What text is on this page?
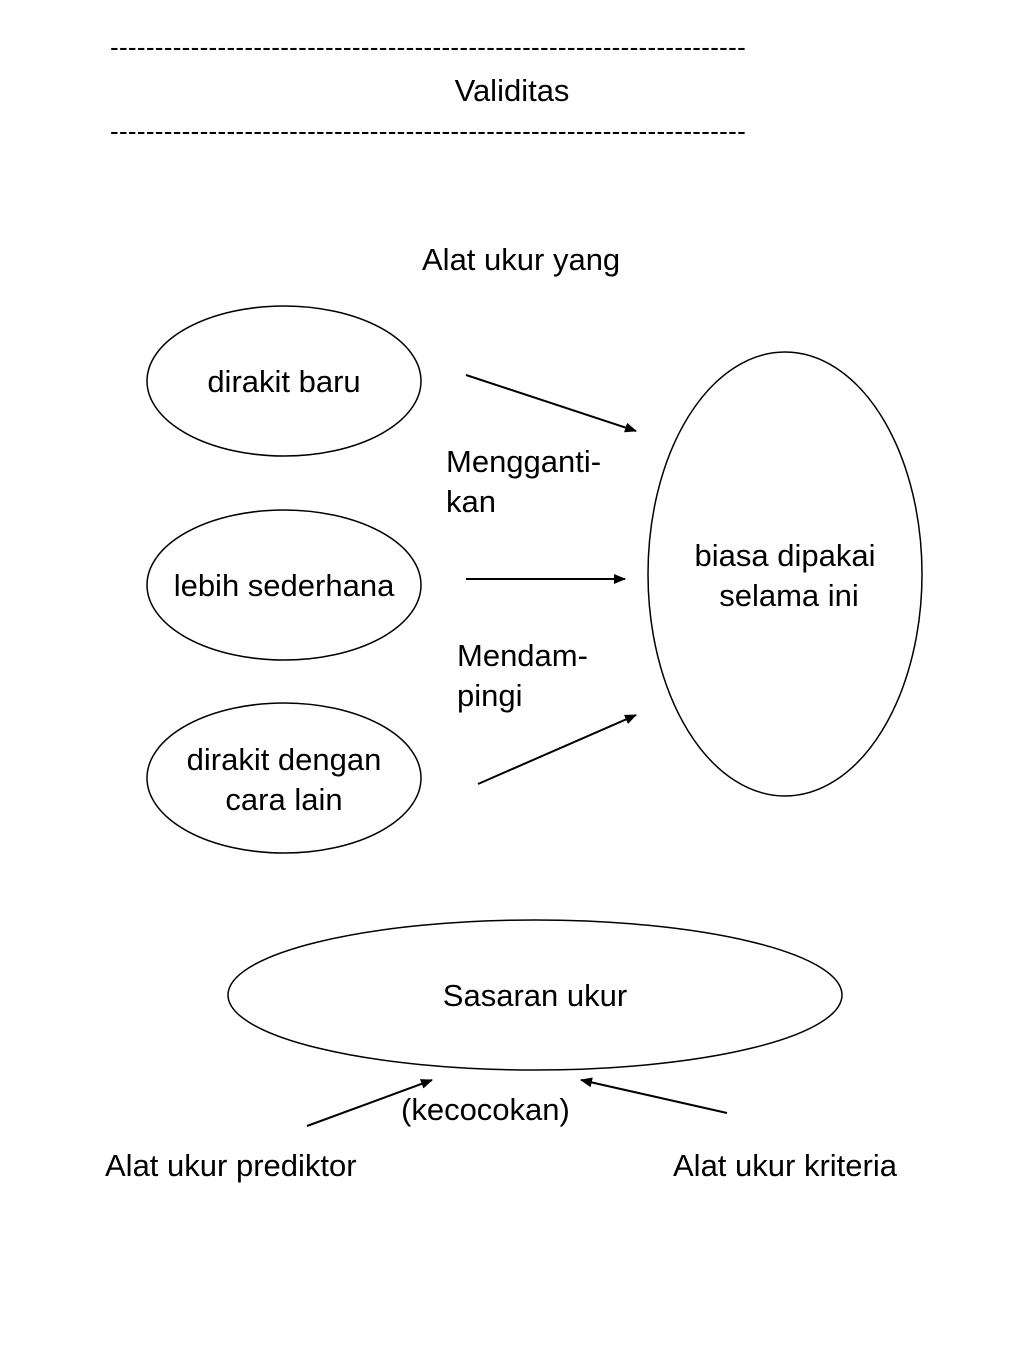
-----------------------------------------------------------------------
Validitas
-----------------------------------------------------------------------
Alat ukur yang
dirakit baru
lebih sederhana
dirakit dengan
cara lain
biasa dipakai
selama ini
Sasaran ukur
Mengganti-
kan
Mendam-
pingi
(kecocokan)
Alat ukur prediktor	Alat ukur kriteria
